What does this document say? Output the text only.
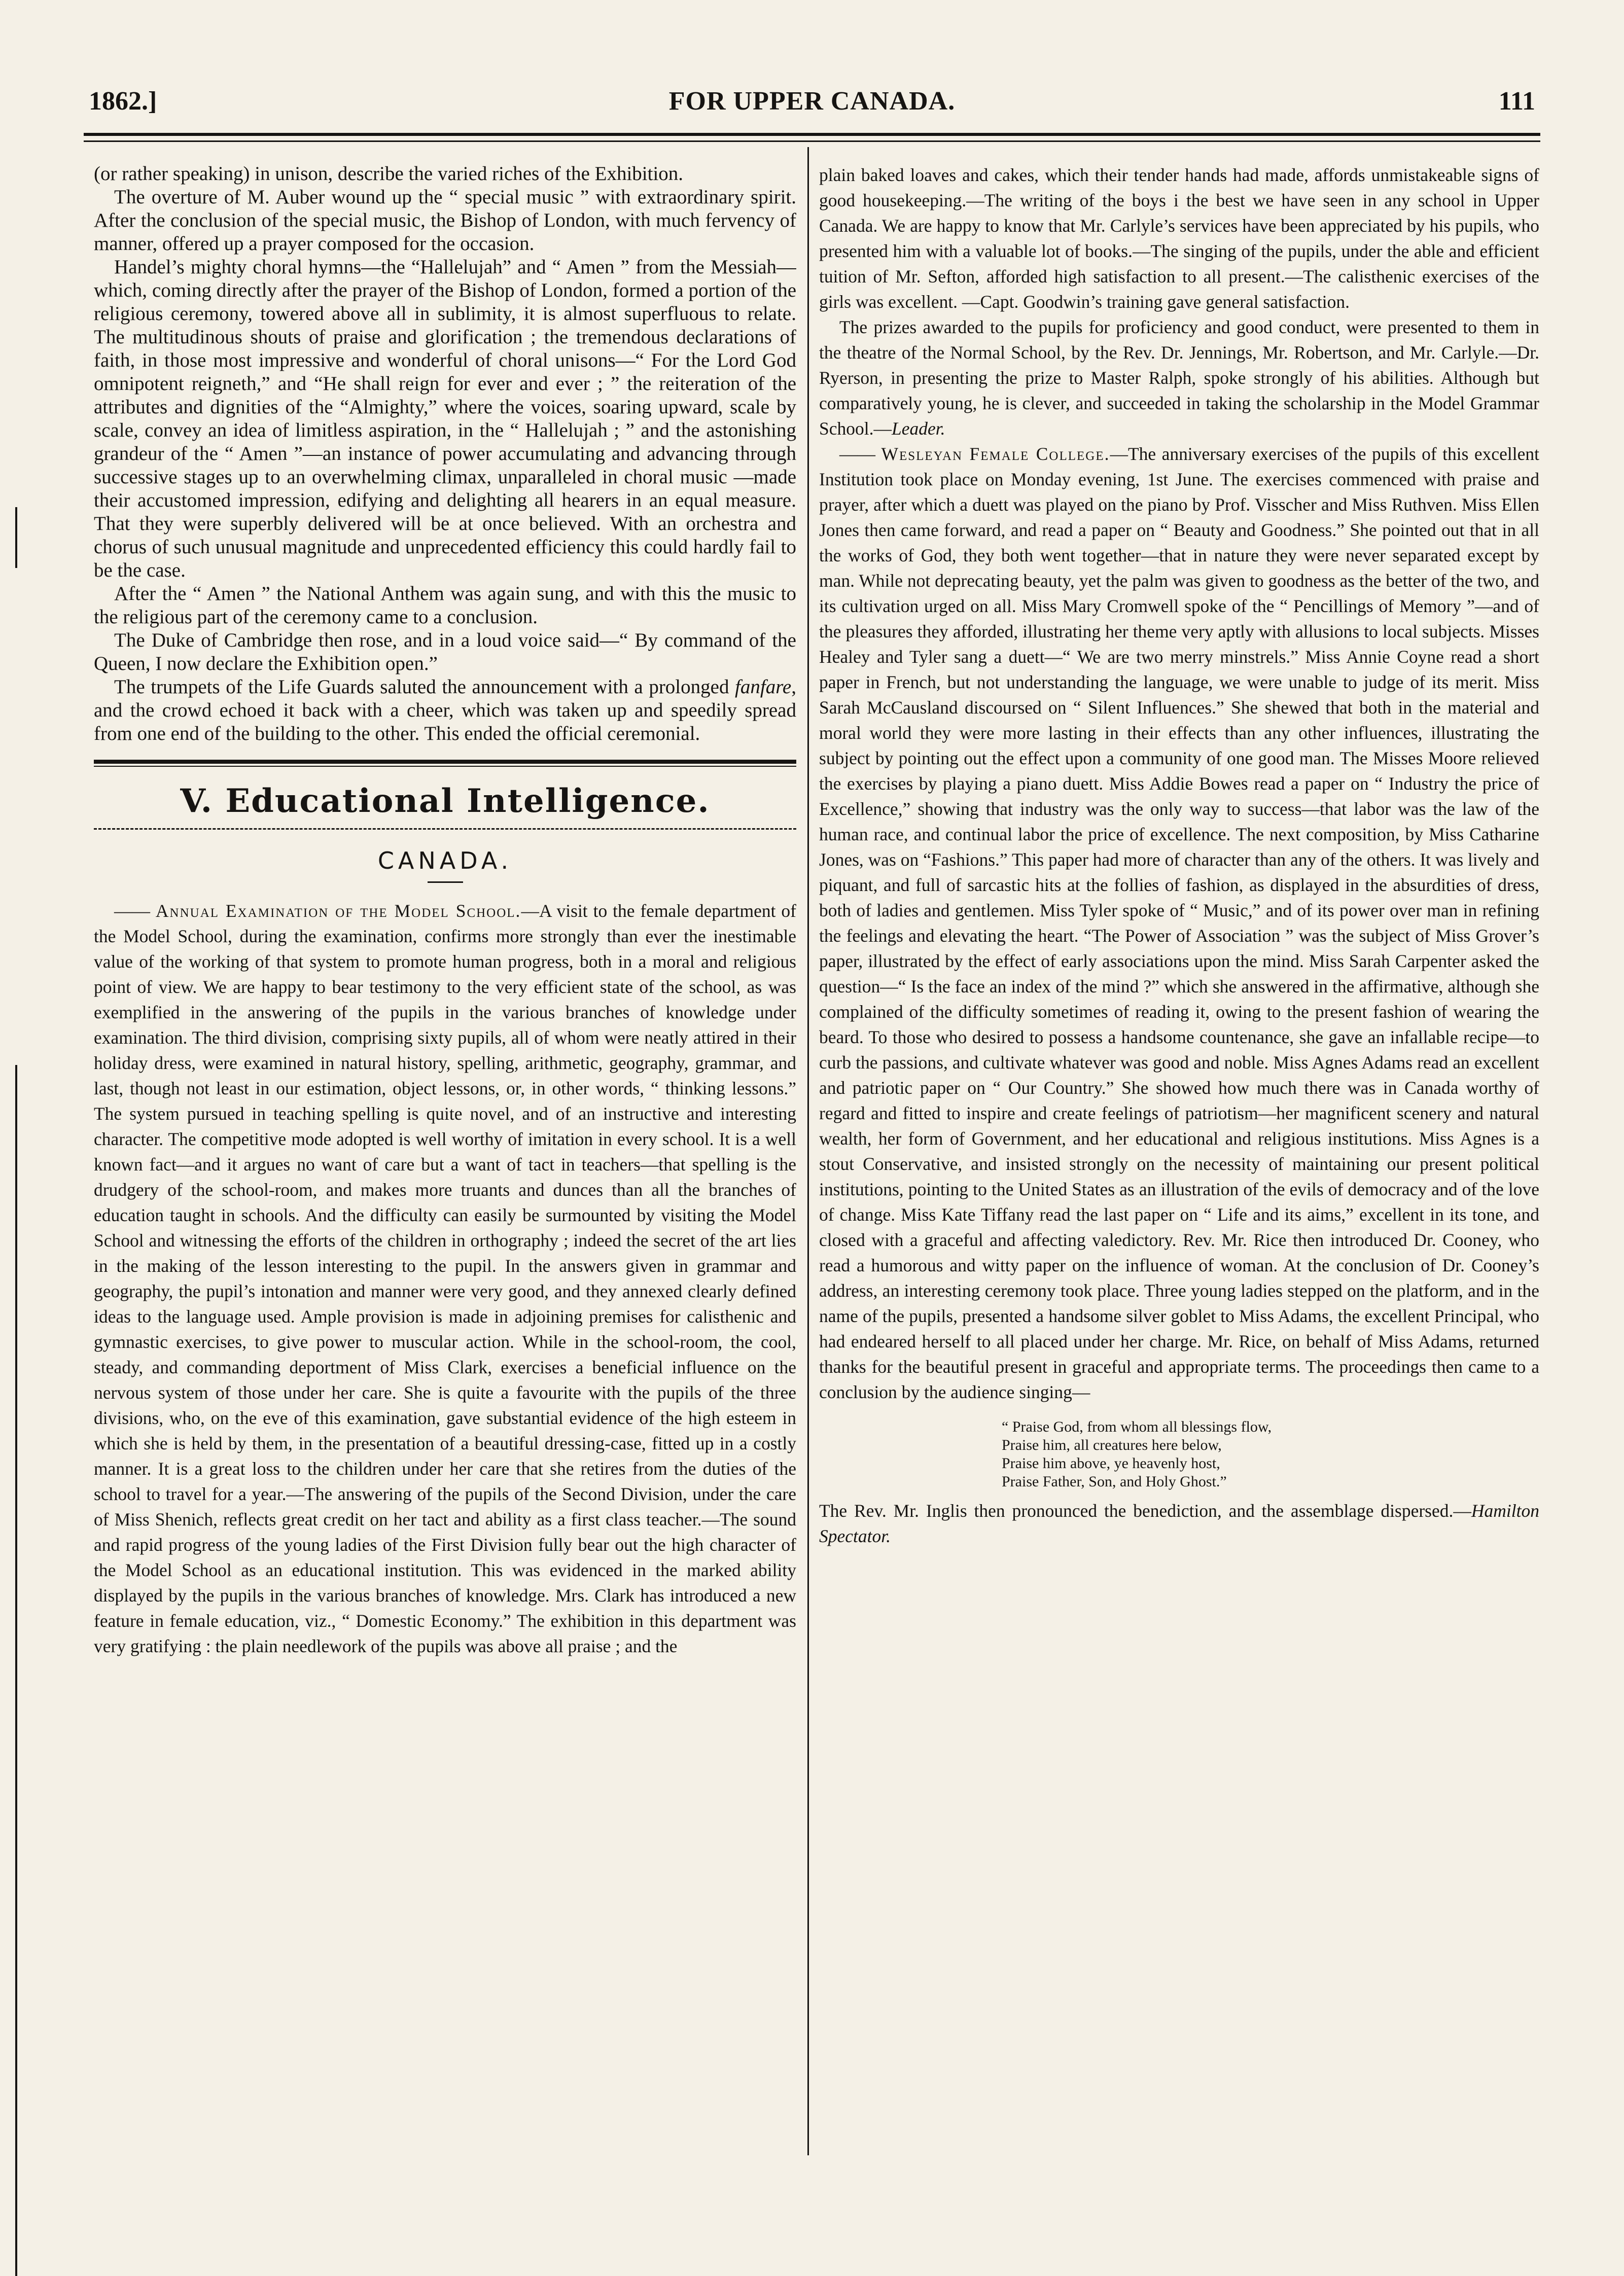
1862.]	FOR UPPER CANADA.	111

(or rather speaking) in unison, describe the varied riches of the Exhibition.

The overture of M. Auber wound up the “ special music ” with extraordinary spirit. After the conclusion of the special music, the Bishop of London, with much fervency of manner, offered up a prayer composed for the occasion.

Handel’s mighty choral hymns—the “Hallelujah” and “ Amen ” from the Messiah—which, coming directly after the prayer of the Bishop of London, formed a portion of the religious ceremony, towered above all in sublimity, it is almost superfluous to relate. The multitudinous shouts of praise and glorification ; the tremendous declarations of faith, in those most impressive and wonderful of choral unisons—“ For the Lord God omnipotent reigneth,” and “He shall reign for ever and ever ; ” the reiteration of the attributes and dignities of the “Almighty,” where the voices, soaring upward, scale by scale, convey an idea of limitless aspiration, in the “ Hallelujah ; ” and the astonishing grandeur of the “ Amen ”—an instance of power accumulating and advancing through successive stages up to an overwhelming climax, unparalleled in choral music —made their accustomed impression, edifying and delighting all hearers in an equal measure. That they were superbly delivered will be at once believed. With an orchestra and chorus of such unusual magnitude and unprecedented efficiency this could hardly fail to be the case.

After the “ Amen ” the National Anthem was again sung, and with this the music to the religious part of the ceremony came to a conclusion.

The Duke of Cambridge then rose, and in a loud voice said—“ By command of the Queen, I now declare the Exhibition open.”

The trumpets of the Life Guards saluted the announcement with a prolonged fanfare, and the crowd echoed it back with a cheer, which was taken up and speedily spread from one end of the building to the other. This ended the official ceremonial.

V. Educational Intelligence.
CANADA.

—— Annual Examination of the Model School.—A visit to the female department of the Model School, during the examination, confirms more strongly than ever the inestimable value of the working of that system to promote human progress, both in a moral and religious point of view. We are happy to bear testimony to the very efficient state of the school, as was exemplified in the answering of the pupils in the various branches of knowledge under examination. The third division, comprising sixty pupils, all of whom were neatly attired in their holiday dress, were examined in natural history, spelling, arithmetic, geography, grammar, and last, though not least in our estimation, object lessons, or, in other words, “ thinking lessons.” The system pursued in teaching spelling is quite novel, and of an instructive and interesting character. The competitive mode adopted is well worthy of imitation in every school. It is a well known fact—and it argues no want of care but a want of tact in teachers—that spelling is the drudgery of the school-room, and makes more truants and dunces than all the branches of education taught in schools. And the difficulty can easily be surmounted by visiting the Model School and witnessing the efforts of the children in orthography ; indeed the secret of the art lies in the making of the lesson interesting to the pupil. In the answers given in grammar and geography, the pupil’s intonation and manner were very good, and they annexed clearly defined ideas to the language used. Ample provision is made in adjoining premises for calisthenic and gymnastic exercises, to give power to muscular action. While in the school-room, the cool, steady, and commanding deportment of Miss Clark, exercises a beneficial influence on the nervous system of those under her care. She is quite a favourite with the pupils of the three divisions, who, on the eve of this examination, gave substantial evidence of the high esteem in which she is held by them, in the presentation of a beautiful dressing-case, fitted up in a costly manner. It is a great loss to the children under her care that she retires from the duties of the school to travel for a year.—The answering of the pupils of the Second Division, under the care of Miss Shenich, reflects great credit on her tact and ability as a first class teacher.—The sound and rapid progress of the young ladies of the First Division fully bear out the high character of the Model School as an educational institution. This was evidenced in the marked ability displayed by the pupils in the various branches of knowledge. Mrs. Clark has introduced a new feature in female education, viz., “ Domestic Economy.” The exhibition in this department was very gratifying : the plain needlework of the pupils was above all praise ; and the

plain baked loaves and cakes, which their tender hands had made, affords unmistakeable signs of good housekeeping.—The writing of the boys i the best we have seen in any school in Upper Canada. We are happy to know that Mr. Carlyle’s services have been appreciated by his pupils, who presented him with a valuable lot of books.—The singing of the pupils, under the able and efficient tuition of Mr. Sefton, afforded high satisfaction to all present.—The calisthenic exercises of the girls was excellent. —Capt. Goodwin’s training gave general satisfaction.

The prizes awarded to the pupils for proficiency and good conduct, were presented to them in the theatre of the Normal School, by the Rev. Dr. Jennings, Mr. Robertson, and Mr. Carlyle.—Dr. Ryerson, in presenting the prize to Master Ralph, spoke strongly of his abilities. Although but comparatively young, he is clever, and succeeded in taking the scholarship in the Model Grammar School.—Leader.

—— Wesleyan Female College.—The anniversary exercises of the pupils of this excellent Institution took place on Monday evening, 1st June. The exercises commenced with praise and prayer, after which a duett was played on the piano by Prof. Visscher and Miss Ruthven. Miss Ellen Jones then came forward, and read a paper on “ Beauty and Goodness.” She pointed out that in all the works of God, they both went together—that in nature they were never separated except by man. While not deprecating beauty, yet the palm was given to goodness as the better of the two, and its cultivation urged on all. Miss Mary Cromwell spoke of the “ Pencillings of Memory ”—and of the pleasures they afforded, illustrating her theme very aptly with allusions to local subjects. Misses Healey and Tyler sang a duett—“ We are two merry minstrels.” Miss Annie Coyne read a short paper in French, but not understanding the language, we were unable to judge of its merit. Miss Sarah McCausland discoursed on “ Silent Influences.” She shewed that both in the material and moral world they were more lasting in their effects than any other influences, illustrating the subject by pointing out the effect upon a community of one good man. The Misses Moore relieved the exercises by playing a piano duett. Miss Addie Bowes read a paper on “ Industry the price of Excellence,” showing that industry was the only way to success—that labor was the law of the human race, and continual labor the price of excellence. The next composition, by Miss Catharine Jones, was on “Fashions.” This paper had more of character than any of the others. It was lively and piquant, and full of sarcastic hits at the follies of fashion, as displayed in the absurdities of dress, both of ladies and gentlemen. Miss Tyler spoke of “ Music,” and of its power over man in refining the feelings and elevating the heart. “The Power of Association ” was the subject of Miss Grover’s paper, illustrated by the effect of early associations upon the mind. Miss Sarah Carpenter asked the question—“ Is the face an index of the mind ?” which she answered in the affirmative, although she complained of the difficulty sometimes of reading it, owing to the present fashion of wearing the beard. To those who desired to possess a handsome countenance, she gave an infallable recipe—to curb the passions, and cultivate whatever was good and noble. Miss Agnes Adams read an excellent and patriotic paper on “ Our Country.” She showed how much there was in Canada worthy of regard and fitted to inspire and create feelings of patriotism—her magnificent scenery and natural wealth, her form of Government, and her educational and religious institutions. Miss Agnes is a stout Conservative, and insisted strongly on the necessity of maintaining our present political institutions, pointing to the United States as an illustration of the evils of democracy and of the love of change. Miss Kate Tiffany read the last paper on “ Life and its aims,” excellent in its tone, and closed with a graceful and affecting valedictory. Rev. Mr. Rice then introduced Dr. Cooney, who read a humorous and witty paper on the influence of woman. At the conclusion of Dr. Cooney’s address, an interesting ceremony took place. Three young ladies stepped on the platform, and in the name of the pupils, presented a handsome silver goblet to Miss Adams, the excellent Principal, who had endeared herself to all placed under her charge. Mr. Rice, on behalf of Miss Adams, returned thanks for the beautiful present in graceful and appropriate terms. The proceedings then came to a conclusion by the audience singing—

“ Praise God, from whom all blessings flow,
Praise him, all creatures here below,
Praise him above, ye heavenly host,
Praise Father, Son, and Holy Ghost.”

The Rev. Mr. Inglis then pronounced the benediction, and the assemblage dispersed.—Hamilton Spectator.
